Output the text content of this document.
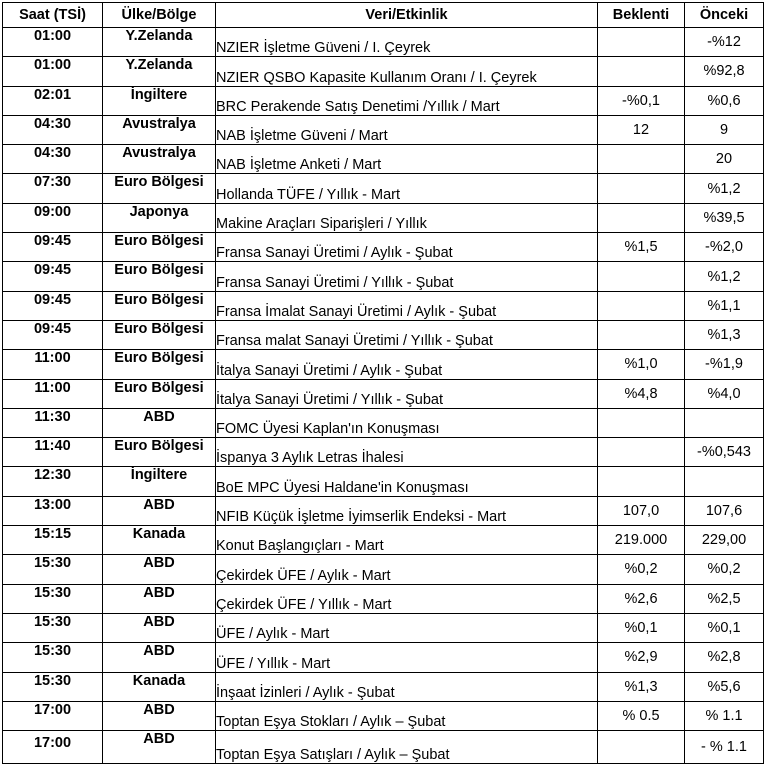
Saat (TSİ)	Ülke/Bölge	Veri/Etkinlik	Beklenti	Önceki
01:00	Y.Zelanda	NZIER İşletme Güveni / I. Çeyrek		-%12
01:00	Y.Zelanda	NZIER QSBO Kapasite Kullanım Oranı / I. Çeyrek		%92,8
02:01	İngiltere	BRC Perakende Satış Denetimi /Yıllık / Mart	-%0,1	%0,6
04:30	Avustralya	NAB İşletme Güveni / Mart	12	9
04:30	Avustralya	NAB İşletme Anketi / Mart		20
07:30	Euro Bölgesi	Hollanda TÜFE / Yıllık - Mart		%1,2
09:00	Japonya	Makine Araçları Siparişleri / Yıllık		%39,5
09:45	Euro Bölgesi	Fransa Sanayi Üretimi / Aylık - Şubat	%1,5	-%2,0
09:45	Euro Bölgesi	Fransa Sanayi Üretimi / Yıllık - Şubat		%1,2
09:45	Euro Bölgesi	Fransa İmalat Sanayi Üretimi / Aylık - Şubat		%1,1
09:45	Euro Bölgesi	Fransa malat Sanayi Üretimi / Yıllık - Şubat		%1,3
11:00	Euro Bölgesi	İtalya Sanayi Üretimi / Aylık - Şubat	%1,0	-%1,9
11:00	Euro Bölgesi	İtalya Sanayi Üretimi / Yıllık - Şubat	%4,8	%4,0
11:30	ABD	FOMC Üyesi Kaplan'ın Konuşması		
11:40	Euro Bölgesi	İspanya 3 Aylık Letras İhalesi		-%0,543
12:30	İngiltere	BoE MPC Üyesi Haldane'in Konuşması		
13:00	ABD	NFIB Küçük İşletme İyimserlik Endeksi - Mart	107,0	107,6
15:15	Kanada	Konut Başlangıçları - Mart	219.000	229,00
15:30	ABD	Çekirdek ÜFE / Aylık - Mart	%0,2	%0,2
15:30	ABD	Çekirdek ÜFE / Yıllık - Mart	%2,6	%2,5
15:30	ABD	ÜFE / Aylık - Mart	%0,1	%0,1
15:30	ABD	ÜFE / Yıllık - Mart	%2,9	%2,8
15:30	Kanada	İnşaat İzinleri / Aylık - Şubat	%1,3	%5,6
17:00	ABD	Toptan Eşya Stokları / Aylık – Şubat	% 0.5	% 1.1
17:00	ABD	Toptan Eşya Satışları / Aylık – Şubat		- % 1.1
